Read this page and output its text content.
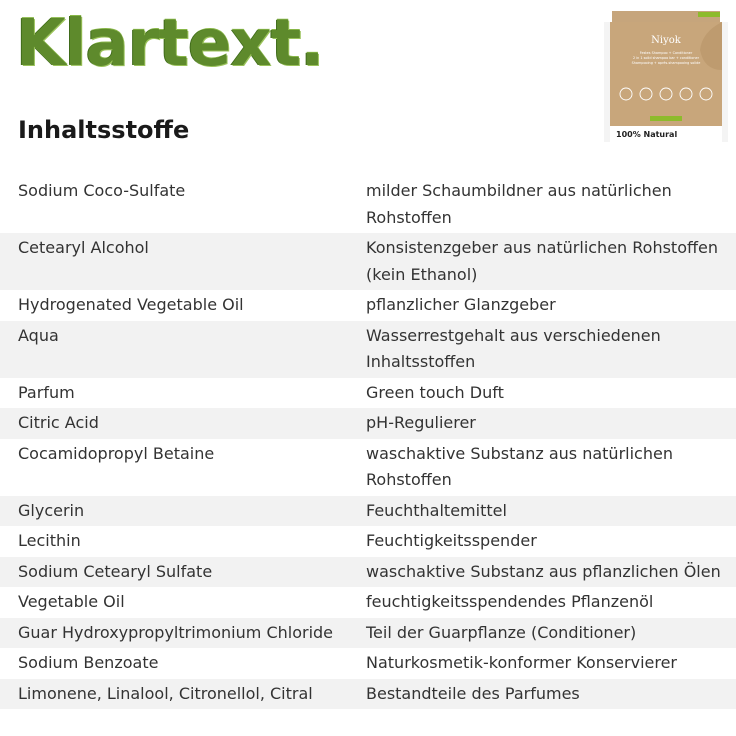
Klartext.	Niyok
Festes Shampoo + Conditioner
2 in 1 solid shampoo bar + conditioner
Shampooing + après-shampooing solide
100% Natural
Inhaltsstoffe
Sodium Coco-Sulfate	milder Schaumbildner aus natürlichen Rohstoffen
Cetearyl Alcohol	Konsistenzgeber aus natürlichen Rohstoffen (kein Ethanol)
Hydrogenated Vegetable Oil	pflanzlicher Glanzgeber
Aqua	Wasserrestgehalt aus verschiedenen Inhaltsstoffen
Parfum	Green touch Duft
Citric Acid	pH-Regulierer
Cocamidopropyl Betaine	waschaktive Substanz aus natürlichen Rohstoffen
Glycerin	Feuchthaltemittel
Lecithin	Feuchtigkeitsspender
Sodium Cetearyl Sulfate	waschaktive Substanz aus pflanzlichen Ölen
Vegetable Oil	feuchtigkeitsspendendes Pflanzenöl
Guar Hydroxypropyltrimonium Chloride	Teil der Guarpflanze (Conditioner)
Sodium Benzoate	Naturkosmetik-konformer Konservierer
Limonene, Linalool, Citronellol, Citral	Bestandteile des Parfumes
